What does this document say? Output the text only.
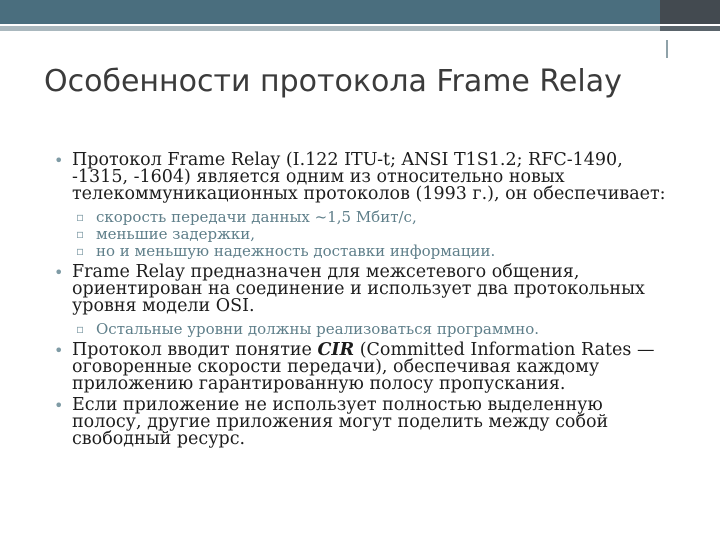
Особенности протокола Frame Relay
• Протокол Frame Relay (I.122 ITU-t; ANSI T1S1.2; RFC-1490, -1315, -1604) является одним из относительно новых телекоммуникационных протоколов (1993 г.), он обеспечивает:
▫ скорость передачи данных ~1,5 Мбит/с,
▫ меньшие задержки,
▫ но и меньшую надежность доставки информации.
• Frame Relay предназначен для межсетевого общения, ориентирован на соединение и использует два протокольных уровня модели OSI.
▫ Остальные уровни должны реализоваться программно.
• Протокол вводит понятие CIR (Committed Information Rates — оговоренные скорости передачи), обеспечивая каждому приложению гарантированную полосу пропускания.
• Если приложение не использует полностью выделенную полосу, другие приложения могут поделить между собой свободный ресурс.
